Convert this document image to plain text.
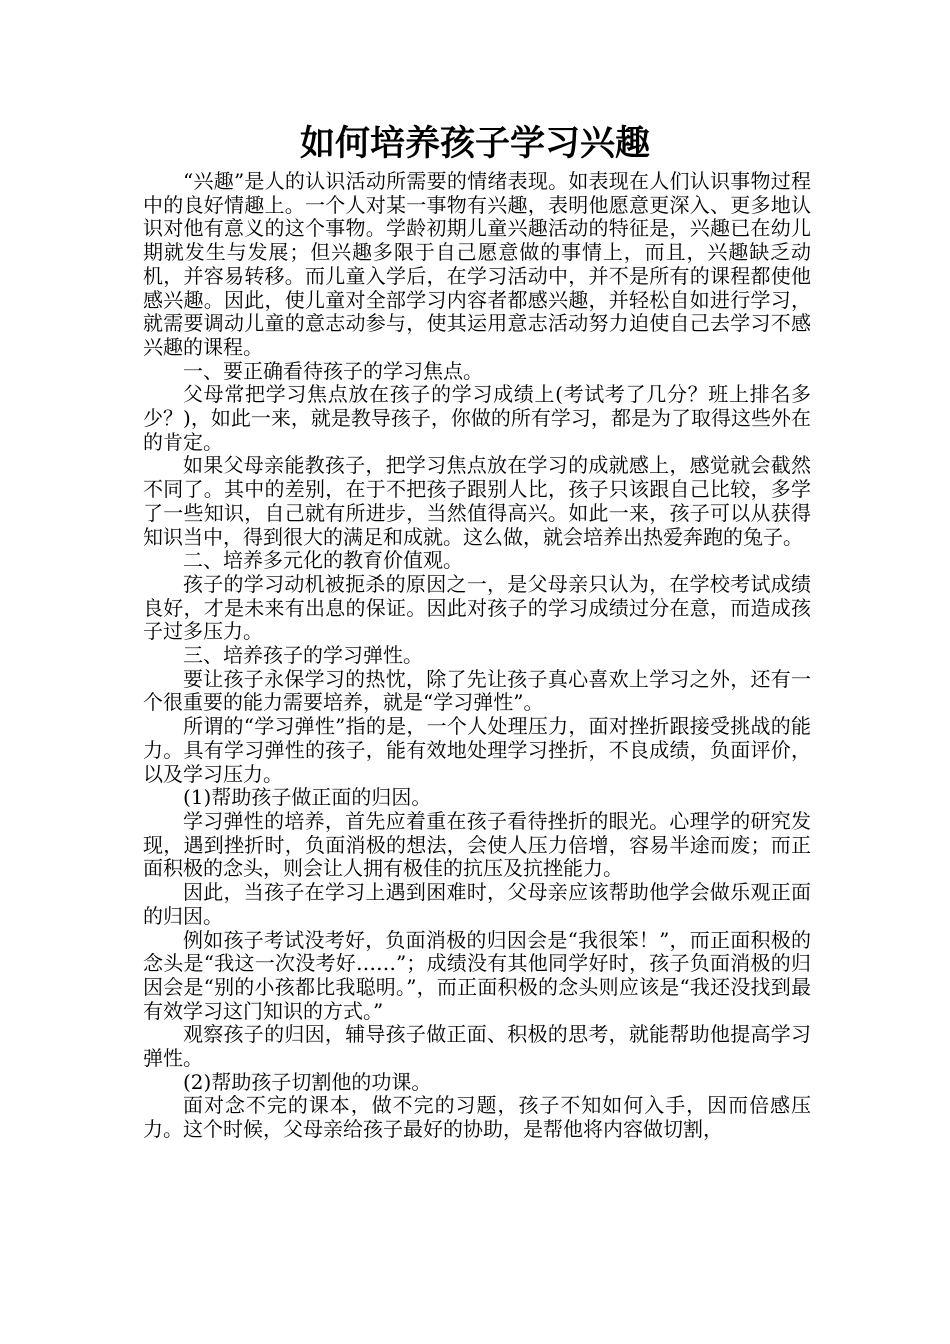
如何培养孩子学习兴趣

“兴趣”是人的认识活动所需要的情绪表现。如表现在人们认识事物过程中的良好情趣上。一个人对某一事物有兴趣，表明他愿意更深入、更多地认识对他有意义的这个事物。学龄初期儿童兴趣活动的特征是，兴趣已在幼儿期就发生与发展；但兴趣多限于自己愿意做的事情上，而且，兴趣缺乏动机，并容易转移。而儿童入学后，在学习活动中，并不是所有的课程都使他感兴趣。因此，使儿童对全部学习内容者都感兴趣，并轻松自如进行学习，就需要调动儿童的意志动参与，使其运用意志活动努力迫使自己去学习不感兴趣的课程。

一、要正确看待孩子的学习焦点。

父母常把学习焦点放在孩子的学习成绩上(考试考了几分？班上排名多少？)，如此一来，就是教导孩子，你做的所有学习，都是为了取得这些外在的肯定。

如果父母亲能教孩子，把学习焦点放在学习的成就感上，感觉就会截然不同了。其中的差别，在于不把孩子跟别人比，孩子只该跟自己比较，多学了一些知识，自己就有所进步，当然值得高兴。如此一来，孩子可以从获得知识当中，得到很大的满足和成就。这么做，就会培养出热爱奔跑的兔子。

二、培养多元化的教育价值观。

孩子的学习动机被扼杀的原因之一，是父母亲只认为，在学校考试成绩良好，才是未来有出息的保证。因此对孩子的学习成绩过分在意，而造成孩子过多压力。

三、培养孩子的学习弹性。

要让孩子永保学习的热忱，除了先让孩子真心喜欢上学习之外，还有一个很重要的能力需要培养，就是“学习弹性”。

所谓的“学习弹性”指的是，一个人处理压力，面对挫折跟接受挑战的能力。具有学习弹性的孩子，能有效地处理学习挫折，不良成绩，负面评价，以及学习压力。

(1)帮助孩子做正面的归因。

学习弹性的培养，首先应着重在孩子看待挫折的眼光。心理学的研究发现，遇到挫折时，负面消极的想法，会使人压力倍增，容易半途而废；而正面积极的念头，则会让人拥有极佳的抗压及抗挫能力。

因此，当孩子在学习上遇到困难时，父母亲应该帮助他学会做乐观正面的归因。

例如孩子考试没考好，负面消极的归因会是“我很笨！”，而正面积极的念头是“我这一次没考好……”；成绩没有其他同学好时，孩子负面消极的归因会是“别的小孩都比我聪明。”，而正面积极的念头则应该是“我还没找到最有效学习这门知识的方式。”

观察孩子的归因，辅导孩子做正面、积极的思考，就能帮助他提高学习弹性。

(2)帮助孩子切割他的功课。

面对念不完的课本，做不完的习题，孩子不知如何入手，因而倍感压力。这个时候，父母亲给孩子最好的协助，是帮他将内容做切割，
